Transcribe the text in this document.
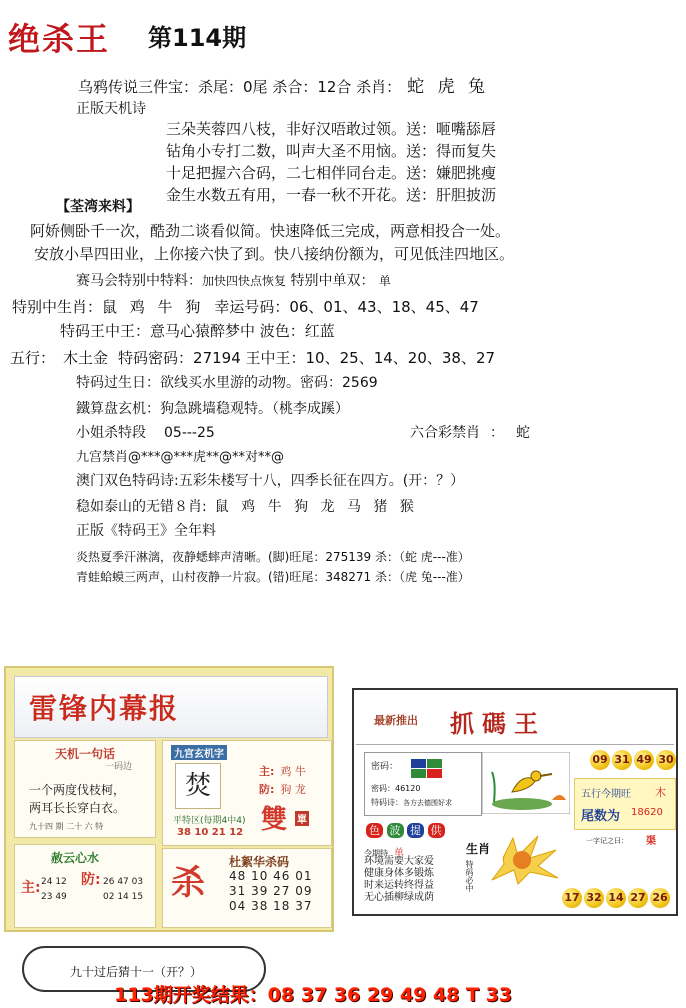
绝杀王 第114期
乌鸦传说三件宝：杀尾：0尾 杀合：12合 杀肖： 蛇 虎 兔
正版天机诗
三朵芙蓉四八枝，非好汉唔敢过领。送：咂嘴舔唇
钻角小专打二数，叫声大圣不用恼。送：得而复失
十足把握六合码，二七相伴同台走。送：嫌肥挑瘦
金生水数五有用，一春一秋不开花。送：肝胆披沥
【荃湾来料】
阿娇侧卧千一次，酷劲二谈看似简。快速降低三完成，两意相投合一处。
安放小旱四田业，上你接六快了到。快八接纳份额为，可见低洼四地区。
赛马会特别中特料：加快四快点恢复 特别中单双： 单
特别中生肖：鼠 鸡 牛 狗 幸运号码：06、01、43、18、45、47
特码王中王：意马心猿醉梦中 波色：红蓝
五行： 木土金 特码密码：27194 王中王：10、25、14、20、38、27
特码过生日：欲线买水里游的动物。密码：2569
鐵算盘玄机：狗急跳墙稳观特。（桃李成蹊）
小姐杀特段 05---25	六合彩禁肖 ： 蛇
九宫禁肖@***@***虎**@**对**@
澳门双色特码诗:五彩朱楼写十八，四季长征在四方。(开：？）
稳如泰山的无错８肖: 鼠 鸡 牛 狗 龙 马 猪 猴
正版《特码王》全年料
炎热夏季汗淋漓，夜静蟋蟀声清晰。(脚)旺尾：275139 杀：（蛇 虎---准）
青蛙蛤蟆三两声，山村夜静一片寂。(错)旺尾：348271 杀：（虎 兔---准）
雷锋内幕报
天机一句话
一码边
一个两度伐枝柯，
两耳长长穿白衣。
九十四 期 二十 六 特
九宫玄机字
焚
平特区(每期4中4)
38 10 21 12
主: 鸡 牛
防: 狗 龙
雙 單
赦云心水
主: 24 12
23 49
防: 26 47 03
02 14 15 杀
杜絮华杀码
48 10 46 01
31 39 27 09
04 38 18 37
最新推出 抓碼王
密码：
密码：46120
特码诗：各方去德围好求
09 31 49 30
五行今期旺 木
尾数为 18620
色 波 提 供
生肖
令期特 单
环境需要大家爱
健康身体多锻炼
时来运转终得益
无心插柳绿成荫
特码必中
一字记之曰： 渠
17 32 14 27 26
九十过后猜十一（开？）
113期开奖结果：08 37 36 29 49 48 T 33
